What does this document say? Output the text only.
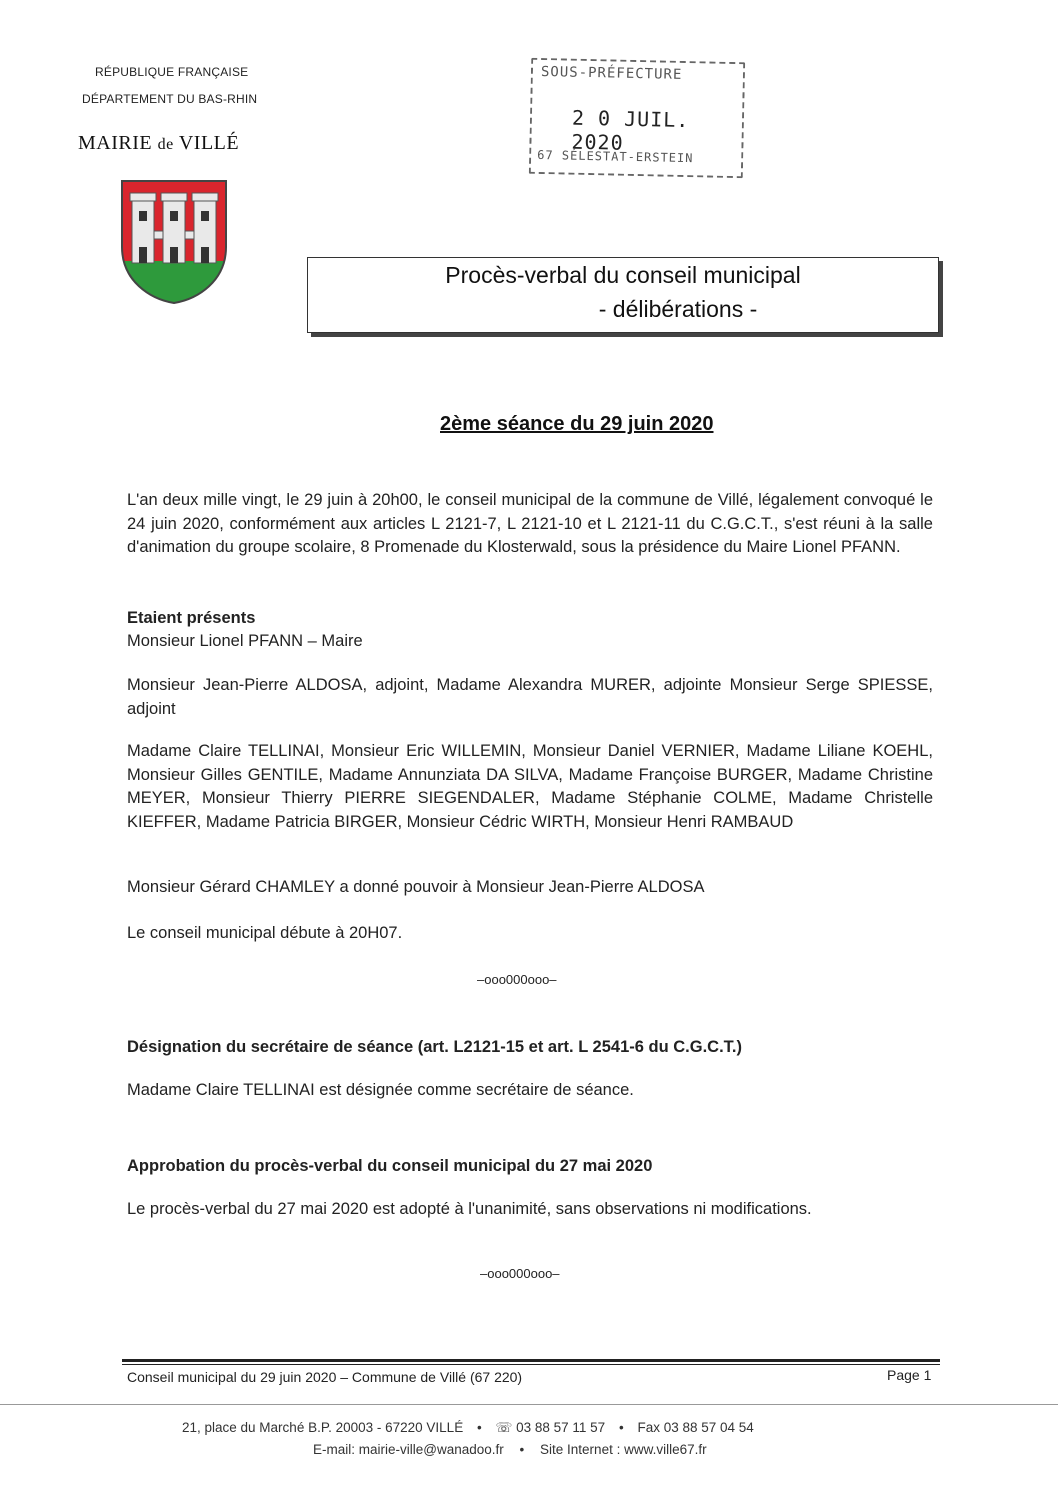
RÉPUBLIQUE FRANÇAISE
DÉPARTEMENT DU BAS-RHIN
MAIRIE de VILLÉ
SOUS-PRÉFECTURE
2 0 JUIL. 2020
67 SÉLESTAT-ERSTEIN
Procès-verbal du conseil municipal
- délibérations -
2ème séance du 29 juin 2020
L'an deux mille vingt, le 29 juin à 20h00, le conseil municipal de la commune de Villé, légalement convoqué le 24 juin 2020, conformément aux articles L 2121-7, L 2121-10 et L 2121-11 du C.G.C.T., s'est réuni à la salle d'animation du groupe scolaire, 8 Promenade du Klosterwald, sous la présidence du Maire Lionel PFANN.
Etaient présents
Monsieur Lionel PFANN – Maire
Monsieur Jean-Pierre ALDOSA, adjoint, Madame Alexandra MURER, adjointe Monsieur Serge SPIESSE, adjoint
Madame Claire TELLINAI, Monsieur Eric WILLEMIN, Monsieur Daniel VERNIER, Madame Liliane KOEHL, Monsieur Gilles GENTILE, Madame Annunziata DA SILVA, Madame Françoise BURGER, Madame Christine MEYER, Monsieur Thierry PIERRE SIEGENDALER, Madame Stéphanie COLME, Madame Christelle KIEFFER, Madame Patricia BIRGER, Monsieur Cédric WIRTH, Monsieur Henri RAMBAUD
Monsieur Gérard CHAMLEY a donné pouvoir à Monsieur Jean-Pierre ALDOSA
Le conseil municipal débute à 20H07.
–ooo000ooo–
Désignation du secrétaire de séance (art. L2121-15 et art. L 2541-6 du C.G.C.T.)
Madame Claire TELLINAI est désignée comme secrétaire de séance.
Approbation du procès-verbal du conseil municipal du 27 mai 2020
Le procès-verbal du 27 mai 2020 est adopté à l'unanimité, sans observations ni modifications.
–ooo000ooo–
Conseil municipal du 29 juin 2020 – Commune de Villé (67 220)	Page 1
21, place du Marché B.P. 20003 - 67220 VILLÉ • ☏ 03 88 57 11 57 • Fax 03 88 57 04 54
E-mail: mairie-ville@wanadoo.fr • Site Internet : www.ville67.fr
